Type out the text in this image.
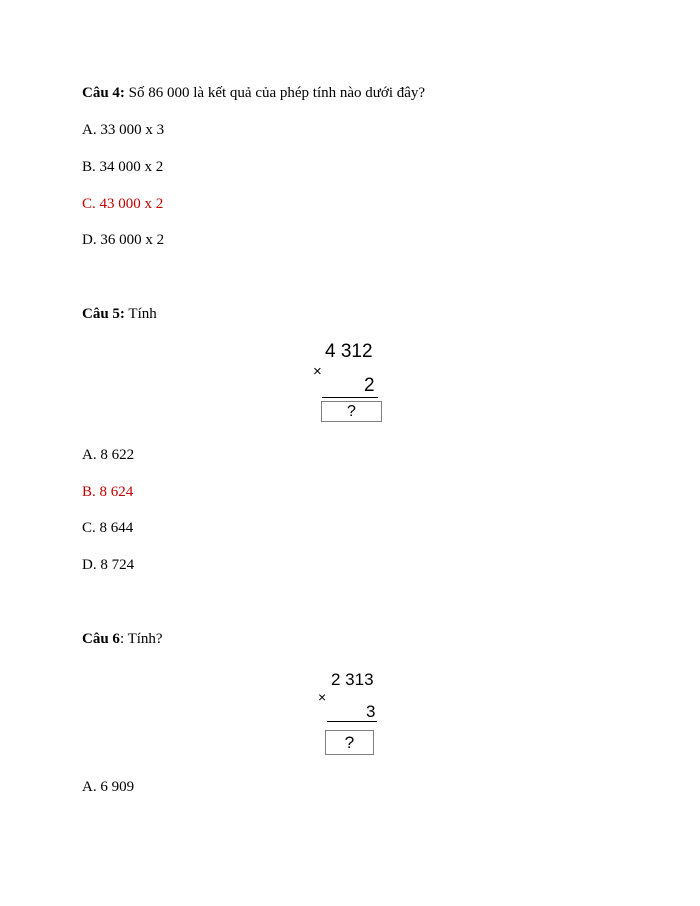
Câu 4: Số 86 000 là kết quả của phép tính nào dưới đây?
A. 33 000 x 3
B. 34 000 x 2
C. 43 000 x 2
D. 36 000 x 2
Câu 5: Tính
4 312
×
2
?
A. 8 622
B. 8 624
C. 8 644
D. 8 724
Câu 6: Tính?
2 313
×
3
?
A. 6 909
